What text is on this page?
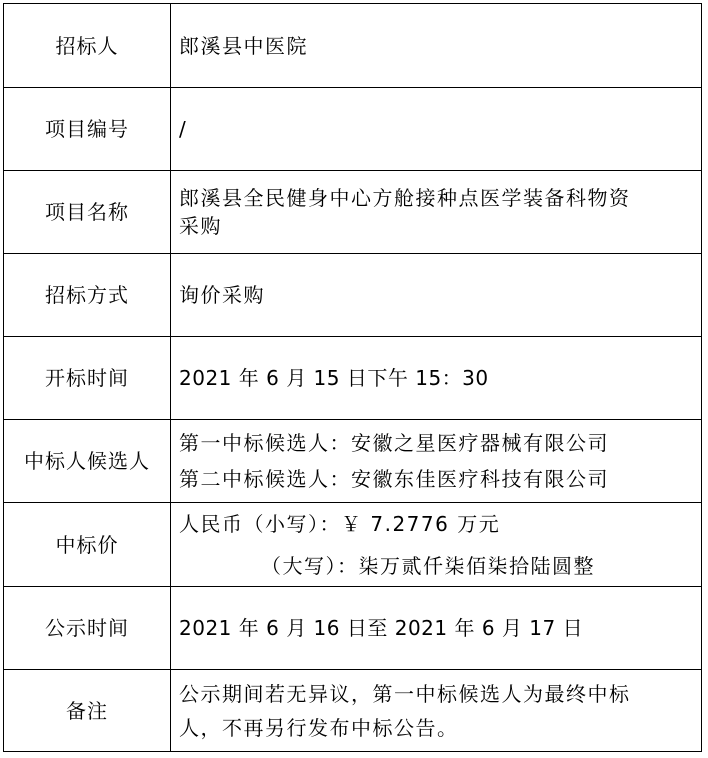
招标人	郎溪县中医院

项目编号	/

项目名称	郎溪县全民健身中心方舱接种点医学装备科物资
采购

招标方式	询价采购

开标时间	2021 年 6 月 15 日下午 15：30

中标人候选人	第一中标候选人：安徽之星医疗器械有限公司
第二中标候选人：安徽东佳医疗科技有限公司

中标价	人民币（小写）：￥ 7.2776 万元
（大写）：柒万贰仟柒佰柒拾陆圆整

公示时间	2021 年 6 月 16 日至 2021 年 6 月 17 日

备注	公示期间若无异议，第一中标候选人为最终中标
人，不再另行发布中标公告。
